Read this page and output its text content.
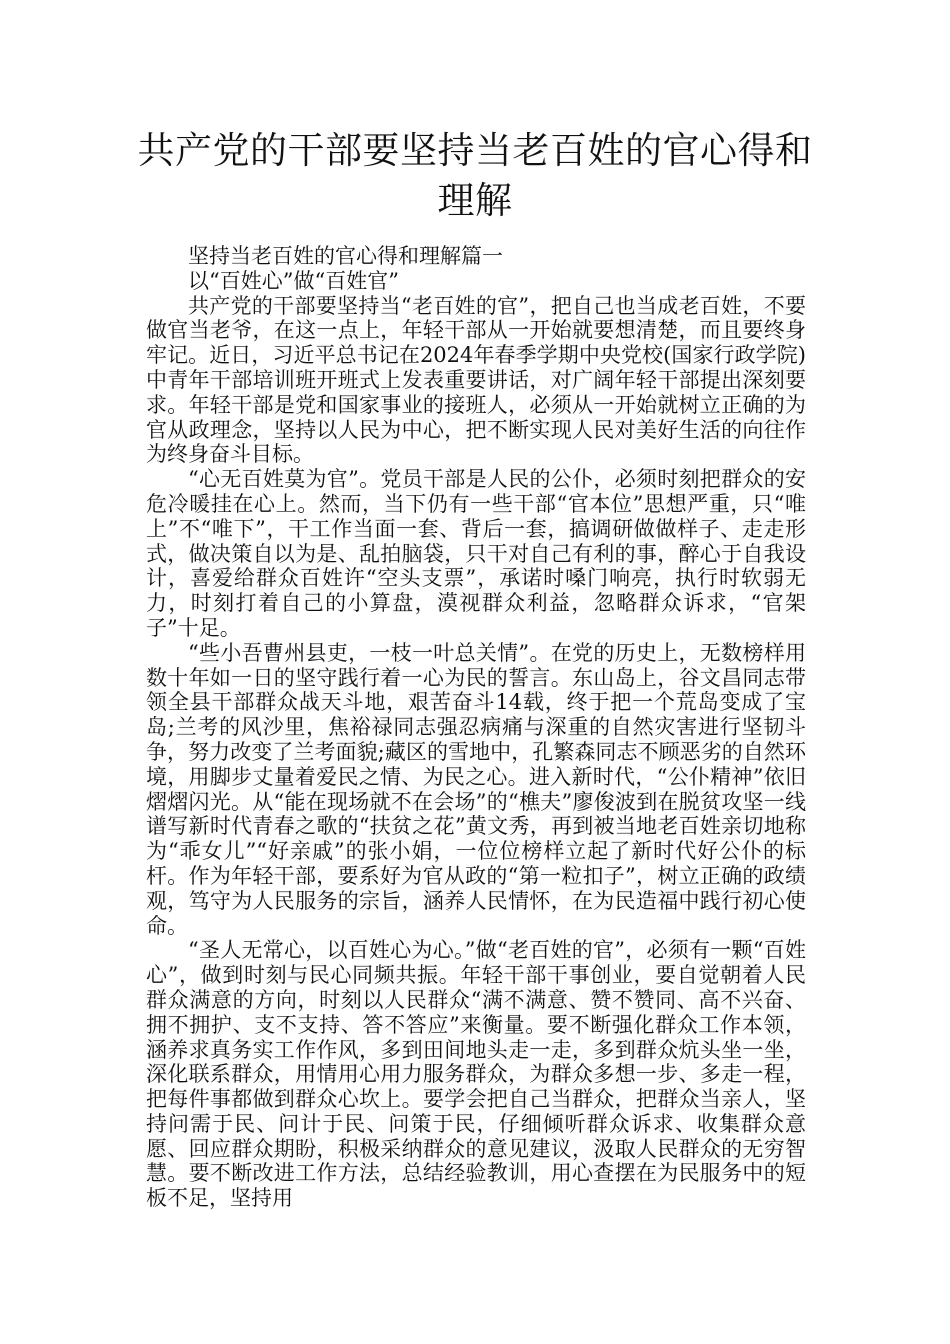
共产党的干部要坚持当老百姓的官心得和
理解

坚持当老百姓的官心得和理解篇一

以“百姓心”做“百姓官”

共产党的干部要坚持当“老百姓的官”，把自己也当成老百姓，不要做官当老爷，在这一点上，年轻干部从一开始就要想清楚，而且要终身牢记。近日，习近平总书记在2024年春季学期中央党校(国家行政学院)中青年干部培训班开班式上发表重要讲话，对广阔年轻干部提出深刻要求。年轻干部是党和国家事业的接班人，必须从一开始就树立正确的为官从政理念，坚持以人民为中心，把不断实现人民对美好生活的向往作为终身奋斗目标。

“心无百姓莫为官”。党员干部是人民的公仆，必须时刻把群众的安危冷暖挂在心上。然而，当下仍有一些干部“官本位”思想严重，只“唯上”不“唯下”，干工作当面一套、背后一套，搞调研做做样子、走走形式，做决策自以为是、乱拍脑袋，只干对自己有利的事，醉心于自我设计，喜爱给群众百姓许“空头支票”，承诺时嗓门响亮，执行时软弱无力，时刻打着自己的小算盘，漠视群众利益，忽略群众诉求，“官架子”十足。

“些小吾曹州县吏，一枝一叶总关情”。在党的历史上，无数榜样用数十年如一日的坚守践行着一心为民的誓言。东山岛上，谷文昌同志带领全县干部群众战天斗地，艰苦奋斗14载，终于把一个荒岛变成了宝岛;兰考的风沙里，焦裕禄同志强忍病痛与深重的自然灾害进行坚韧斗争，努力改变了兰考面貌;藏区的雪地中，孔繁森同志不顾恶劣的自然环境，用脚步丈量着爱民之情、为民之心。进入新时代，“公仆精神”依旧熠熠闪光。从“能在现场就不在会场”的“樵夫”廖俊波到在脱贫攻坚一线谱写新时代青春之歌的“扶贫之花”黄文秀，再到被当地老百姓亲切地称为“乖女儿”“好亲戚”的张小娟，一位位榜样立起了新时代好公仆的标杆。作为年轻干部，要系好为官从政的“第一粒扣子”，树立正确的政绩观，笃守为人民服务的宗旨，涵养人民情怀，在为民造福中践行初心使命。

“圣人无常心，以百姓心为心。”做“老百姓的官”，必须有一颗“百姓心”，做到时刻与民心同频共振。年轻干部干事创业，要自觉朝着人民群众满意的方向，时刻以人民群众“满不满意、赞不赞同、高不兴奋、拥不拥护、支不支持、答不答应”来衡量。要不断强化群众工作本领，涵养求真务实工作作风，多到田间地头走一走，多到群众炕头坐一坐，深化联系群众，用情用心用力服务群众，为群众多想一步、多走一程，把每件事都做到群众心坎上。要学会把自己当群众，把群众当亲人，坚持问需于民、问计于民、问策于民，仔细倾听群众诉求、收集群众意愿、回应群众期盼，积极采纳群众的意见建议，汲取人民群众的无穷智慧。要不断改进工作方法，总结经验教训，用心查摆在为民服务中的短板不足，坚持用
